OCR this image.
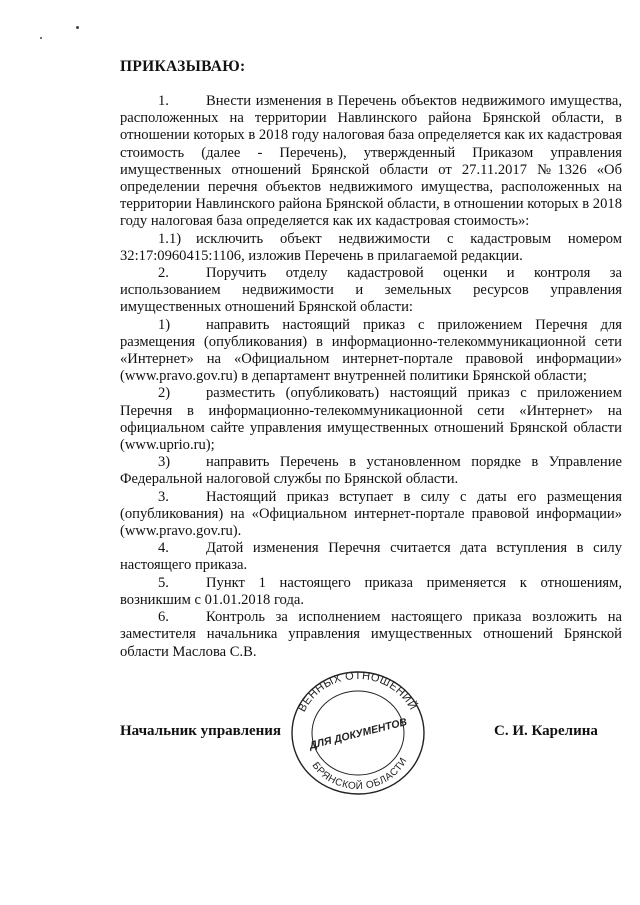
ПРИКАЗЫВАЮ:

1.	Внести изменения в Перечень объектов недвижимого имущества, расположенных на территории Навлинского района Брянской области, в отношении которых в 2018 году налоговая база определяется как их кадастровая стоимость (далее - Перечень), утвержденный Приказом управления имущественных отношений Брянской области от 27.11.2017 №1326 «Об определении перечня объектов недвижимого имущества, расположенных на территории Навлинского района Брянской области, в отношении которых в 2018 году налоговая база определяется как их кадастровая стоимость»:

1.1) исключить объект недвижимости с кадастровым номером 32:17:0960415:1106, изложив Перечень в прилагаемой редакции.

2.	Поручить отделу кадастровой оценки и контроля за использованием недвижимости и земельных ресурсов управления имущественных отношений Брянской области:

1) направить настоящий приказ с приложением Перечня для размещения (опубликования) в информационно-телекоммуникационной сети «Интернет» на «Официальном интернет-портале правовой информации» (www.pravo.gov.ru) в департамент внутренней политики Брянской области;

2) разместить (опубликовать) настоящий приказ с приложением Перечня в информационно-телекоммуникационной сети «Интернет» на официальном сайте управления имущественных отношений Брянской области (www.uprio.ru);

3) направить Перечень в установленном порядке в Управление Федеральной налоговой службы по Брянской области.

3.	Настоящий приказ вступает в силу с даты его размещения (опубликования) на «Официальном интернет-портале правовой информации» (www.pravo.gov.ru).

4.	Датой изменения Перечня считается дата вступления в силу настоящего приказа.

5.	Пункт 1 настоящего приказа применяется к отношениям, возникшим с 01.01.2018 года.

6.	Контроль за исполнением настоящего приказа возложить на заместителя начальника управления имущественных отношений Брянской области Маслова С.В.

Начальник управления	С. И. Карелина
ВЕННЫХ ОТНОШЕНИЙ
БРЯНСКОЙ ОБЛАСТИ
ДЛЯ ДОКУМЕНТОВ
